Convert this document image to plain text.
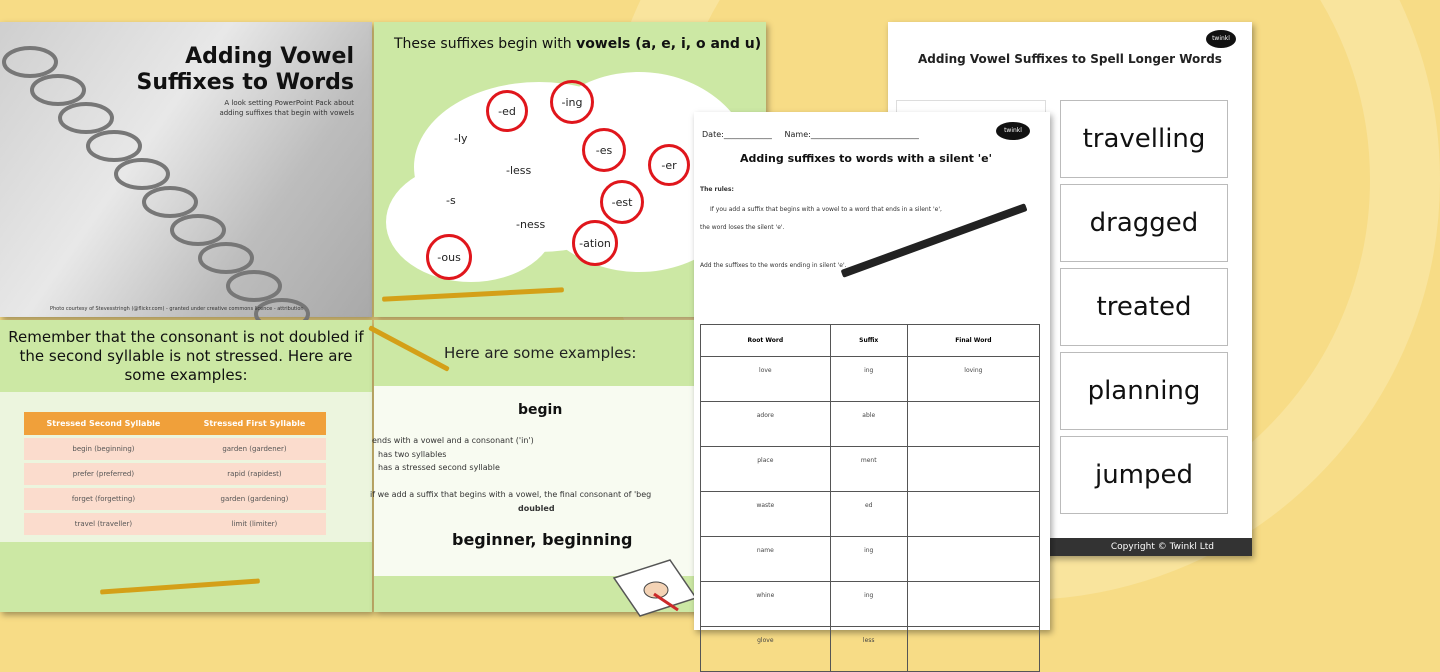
Adding Vowel
Suffixes to Words
A look setting PowerPoint Pack about adding suffixes that begin with vowels
Photo courtesy of Stevesstringh (@flickr.com) - granted under creative commons licence - attribution
These suffixes begin with vowels (a, e, i, o and u)
-ed
-ing
-es
-er
-est
-ation
-ous
-ly
-less
-s
-ness
Remember that the consonant is not doubled if the second syllable is not stressed. Here are some examples:
Stressed Second Syllable	Stressed First Syllable
begin (beginning)	garden (gardener)
prefer (preferred)	rapid (rapidest)
forget (forgetting)	garden (gardening)
travel (traveller)	limit (limiter)
Here are some examples:
begin
ends with a vowel and a consonant ('in')
has two syllables
has a stressed second syllable
if we add a suffix that begins with a vowel, the final consonant of 'beg
doubled
beginner, beginning
twinkl
Adding Vowel Suffixes to Spell Longer Words
travelling
dragged
treated
planning
jumped
Copyright © Twinkl Ltd
Date:____________ Name:___________________________	twinkl
Adding suffixes to words with a silent 'e'
The rules:
If you add a suffix that begins with a vowel to a word that ends in a silent 'e',
the word loses the silent 'e'.
Add the suffixes to the words ending in silent 'e'.
Root Word	Suffix	Final Word
love	ing	loving
adore	able	
place	ment	
waste	ed	
name	ing	
whine	ing	
glove	less	
